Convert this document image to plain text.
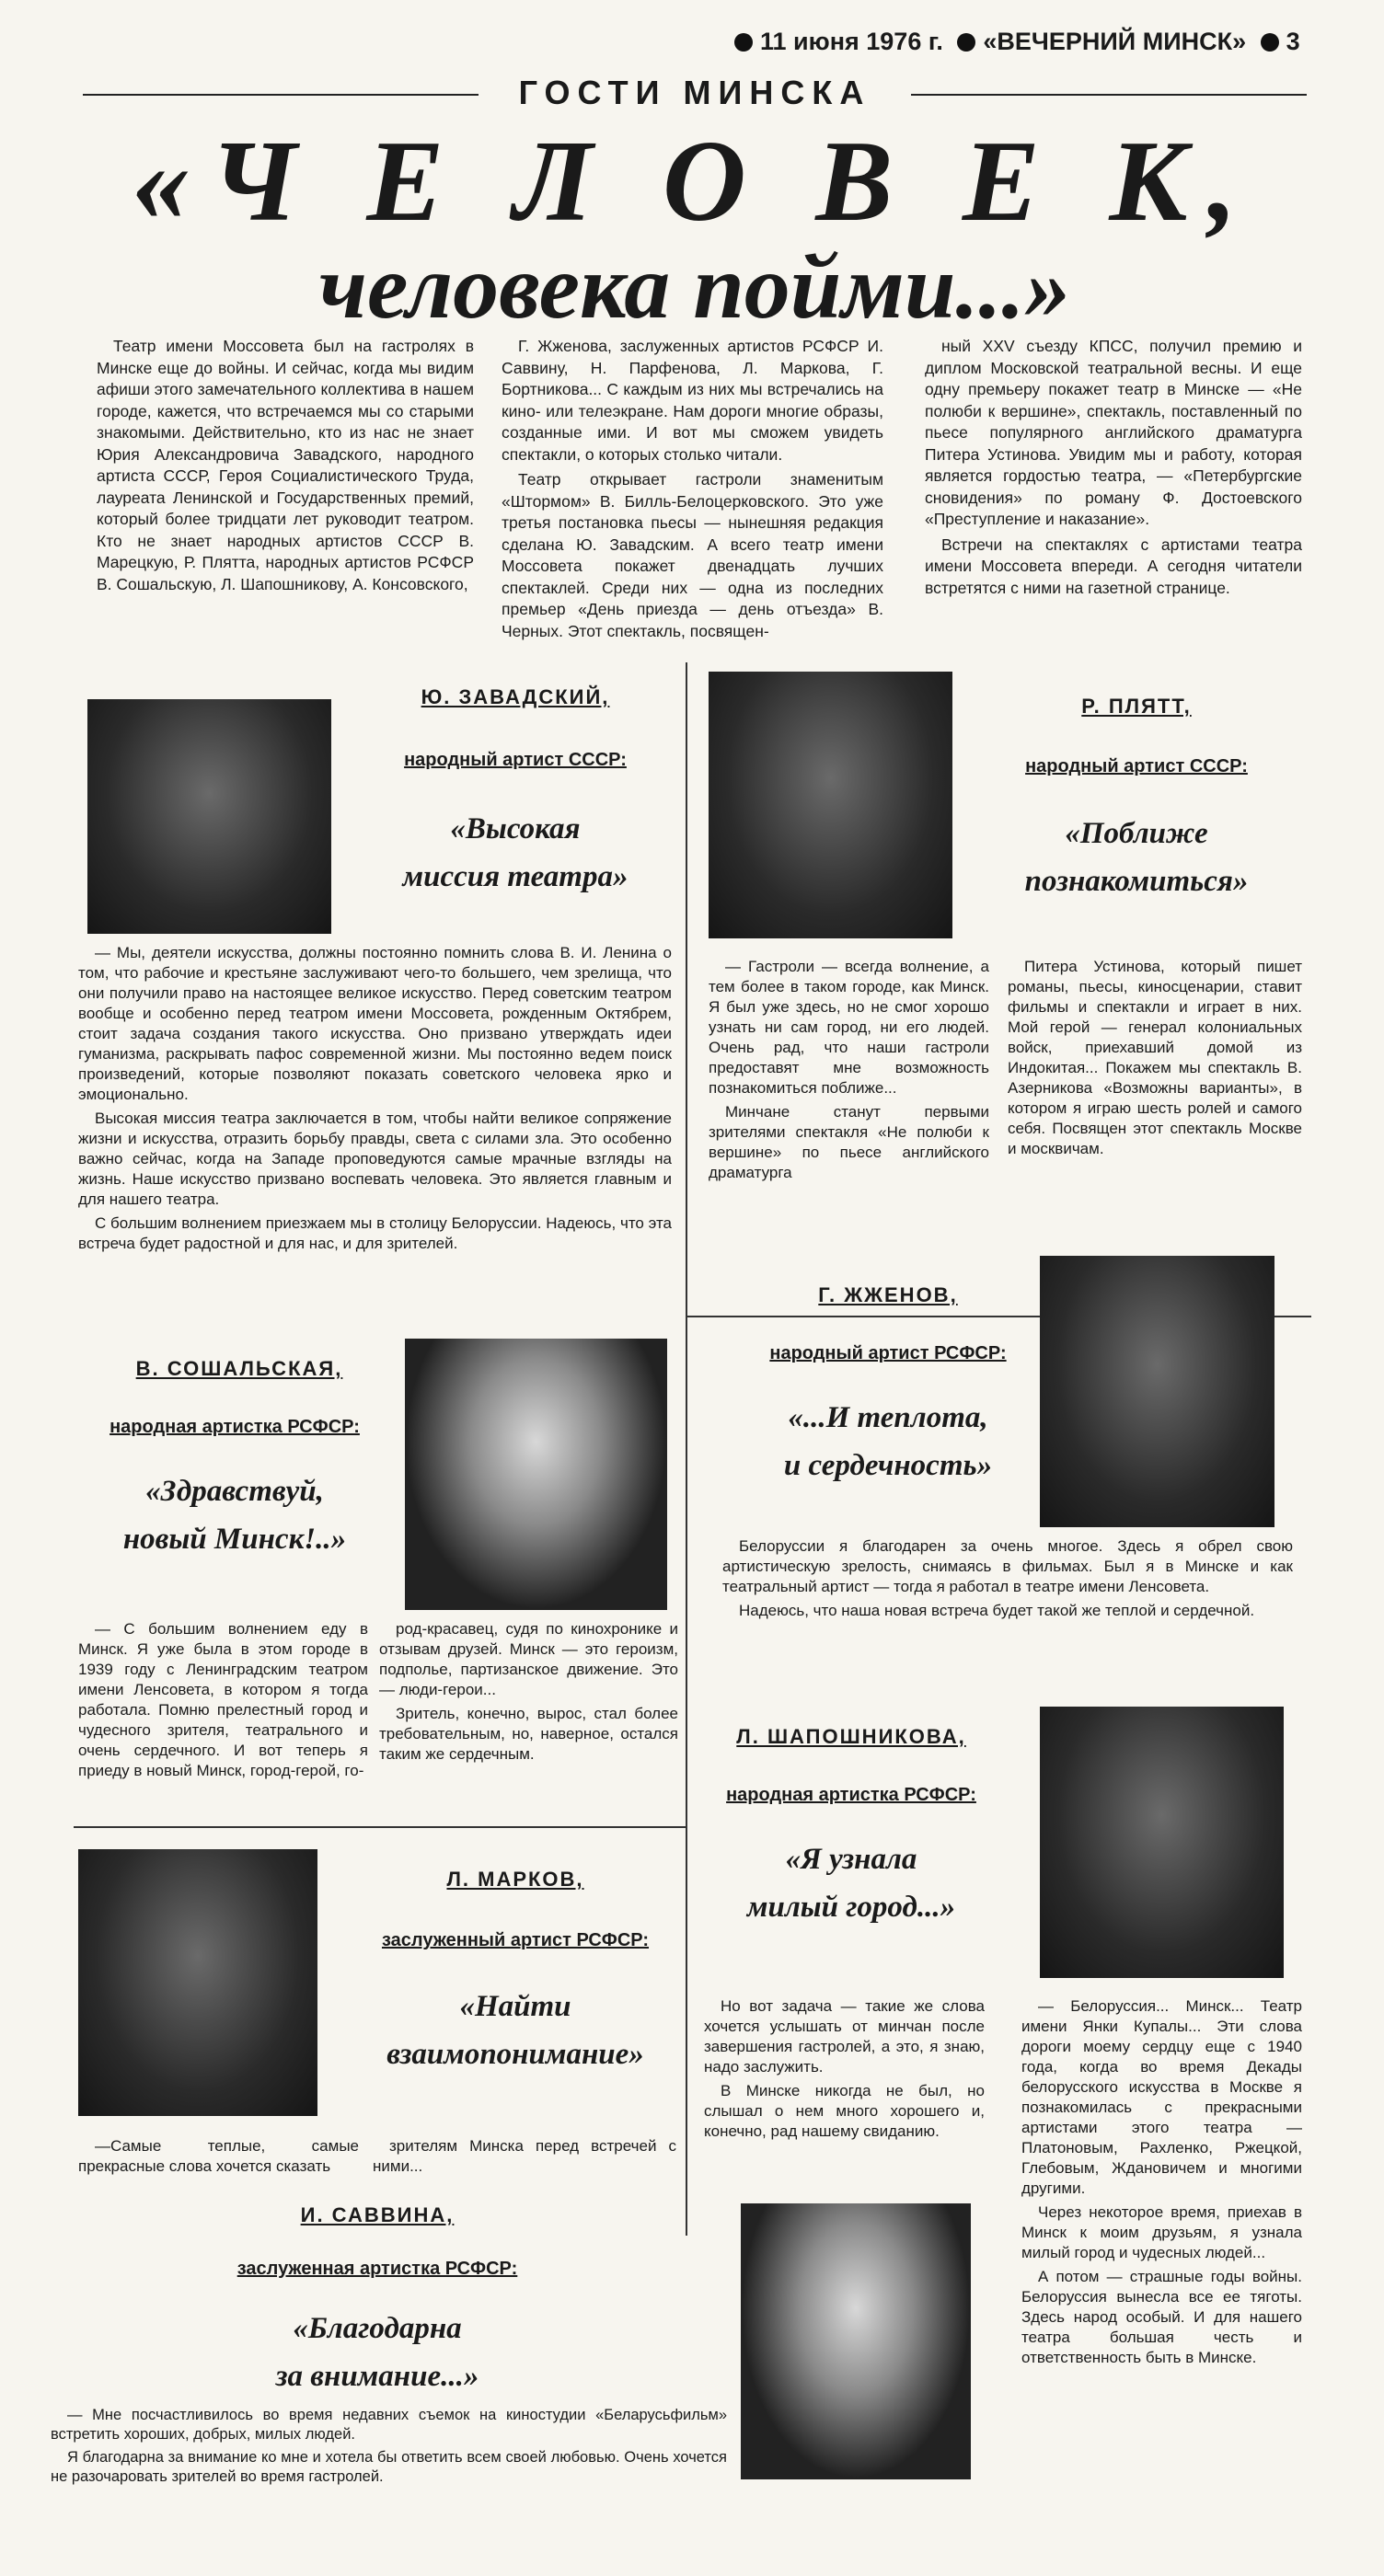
11 июня 1976 г. «ВЕЧЕРНИЙ МИНСК» 3
ГОСТИ МИНСКА
«Ч Е Л О В Е К,
человека пойми...»

Театр имени Моссовета был на гастролях в Минске еще до войны. И сейчас, когда мы видим афиши этого замечательного коллектива в нашем городе, кажется, что встречаемся мы со старыми знакомыми. Действительно, кто из нас не знает Юрия Александровича Завадского, народного артиста СССР, Героя Социалистического Труда, лауреата Ленинской и Государственных премий, который более тридцати лет руководит театром. Кто не знает народных артистов СССР В. Марецкую, Р. Плятта, народных артистов РСФСР В. Сошальскую, Л. Шапошникову, А. Консовского,

Г. Жженова, заслуженных артистов РСФСР И. Саввину, Н. Парфенова, Л. Маркова, Г. Бортникова... С каждым из них мы встречались на кино- или телеэкране. Нам дороги многие образы, созданные ими. И вот мы сможем увидеть спектакли, о которых столько читали.

Театр открывает гастроли знаменитым «Штормом» В. Билль-Белоцерковского. Это уже третья постановка пьесы — нынешняя редакция сделана Ю. Завадским. А всего театр имени Моссовета покажет двенадцать лучших спектаклей. Среди них — одна из последних премьер «День приезда — день отъезда» В. Черных. Этот спектакль, посвящен-

ный XXV съезду КПСС, получил премию и диплом Московской театральной весны. И еще одну премьеру покажет театр в Минске — «Не полюби к вершине», спектакль, поставленный по пьесе популярного английского драматурга Питера Устинова. Увидим мы и работу, которая является гордостью театра, — «Петербургские сновидения» по роману Ф. Достоевского «Преступление и наказание».

Встречи на спектаклях с артистами театра имени Моссовета впереди. А сегодня читатели встретятся с ними на газетной странице.

Ю. ЗАВАДСКИЙ,
народный артист СССР:
«Высокая
миссия театра»

— Мы, деятели искусства, должны постоянно помнить слова В. И. Ленина о том, что рабочие и крестьяне заслуживают чего-то большего, чем зрелища, что они получили право на настоящее великое искусство. Перед советским театром вообще и особенно перед театром имени Моссовета, рожденным Октябрем, стоит задача создания такого искусства. Оно призвано утверждать идеи гуманизма, раскрывать пафос современной жизни. Мы постоянно ведем поиск произведений, которые позволяют показать советского человека ярко и эмоционально.

Высокая миссия театра заключается в том, чтобы найти великое сопряжение жизни и искусства, отразить борьбу правды, света с силами зла. Это особенно важно сейчас, когда на Западе проповедуются самые мрачные взгляды на жизнь. Наше искусство призвано воспевать человека. Это является главным и для нашего театра.

С большим волнением приезжаем мы в столицу Белоруссии. Надеюсь, что эта встреча будет радостной и для нас, и для зрителей.

Р. ПЛЯТТ,
народный артист СССР:
«Поближе
познакомиться»

— Гастроли — всегда волнение, а тем более в таком городе, как Минск. Я был уже здесь, но не смог хорошо узнать ни сам город, ни его людей. Очень рад, что наши гастроли предоставят мне возможность познакомиться поближе...

Минчане станут первыми зрителями спектакля «Не полюби к вершине» по пьесе английского драматурга

Питера Устинова, который пишет романы, пьесы, киносценарии, ставит фильмы и спектакли и играет в них. Мой герой — генерал колониальных войск, приехавший домой из Индокитая... Покажем мы спектакль В. Азерникова «Возможны варианты», в котором я играю шесть ролей и самого себя. Посвящен этот спектакль Москве и москвичам.

В. СОШАЛЬСКАЯ,
народная артистка РСФСР:
«Здравствуй,
новый Минск!..»

— С большим волнением еду в Минск. Я уже была в этом городе в 1939 году с Ленинградским театром имени Ленсовета, в котором я тогда работала. Помню прелестный город и чудесного зрителя, театрального и очень сердечного. И вот теперь я приеду в новый Минск, город-герой, го-

род-красавец, судя по кинохронике и отзывам друзей. Минск — это героизм, подполье, партизанское движение. Это — люди-герои...

Зритель, конечно, вырос, стал более требовательным, но, наверное, остался таким же сердечным.

Г. ЖЖЕНОВ,
народный артист РСФСР:
«...И теплота,
и сердечность»

Белоруссии я благодарен за очень многое. Здесь я обрел свою артистическую зрелость, снимаясь в фильмах. Был я в Минске и как театральный артист — тогда я работал в театре имени Ленсовета.

Надеюсь, что наша новая встреча будет такой же теплой и сердечной.

Л. ШАПОШНИКОВА,
народная артистка РСФСР:
«Я узнала
милый город...»

— Белоруссия... Минск... Театр имени Янки Купалы... Эти слова дороги моему сердцу еще с 1940 года, когда во время Декады белорусского искусства в Москве я познакомилась с прекрасными артистами этого театра — Платоновым, Рахленко, Ржецкой, Глебовым, Ждановичем и многими другими.

Через некоторое время, приехав в Минск к моим друзьям, я узнала милый город и чудесных людей...

А потом — страшные годы войны. Белоруссия вынесла все ее тяготы. Здесь народ особый. И для нашего театра большая честь и ответственность быть в Минске.

Л. МАРКОВ,
заслуженный артист РСФСР:
«Найти
взаимопонимание»

—Самые теплые, самые прекрасные слова хочется сказать

зрителям Минска перед встречей с ними...

Но вот задача — такие же слова хочется услышать от минчан после завершения гастролей, а это, я знаю, надо заслужить.

В Минске никогда не был, но слышал о нем много хорошего и, конечно, рад нашему свиданию.

И. САВВИНА,
заслуженная артистка РСФСР:
«Благодарна
за внимание...»

— Мне посчастливилось во время недавних съемок на киностудии «Беларусьфильм» встретить хороших, добрых, милых людей.

Я благодарна за внимание ко мне и хотела бы ответить всем своей любовью. Очень хочется не разочаровать зрителей во время гастролей.
